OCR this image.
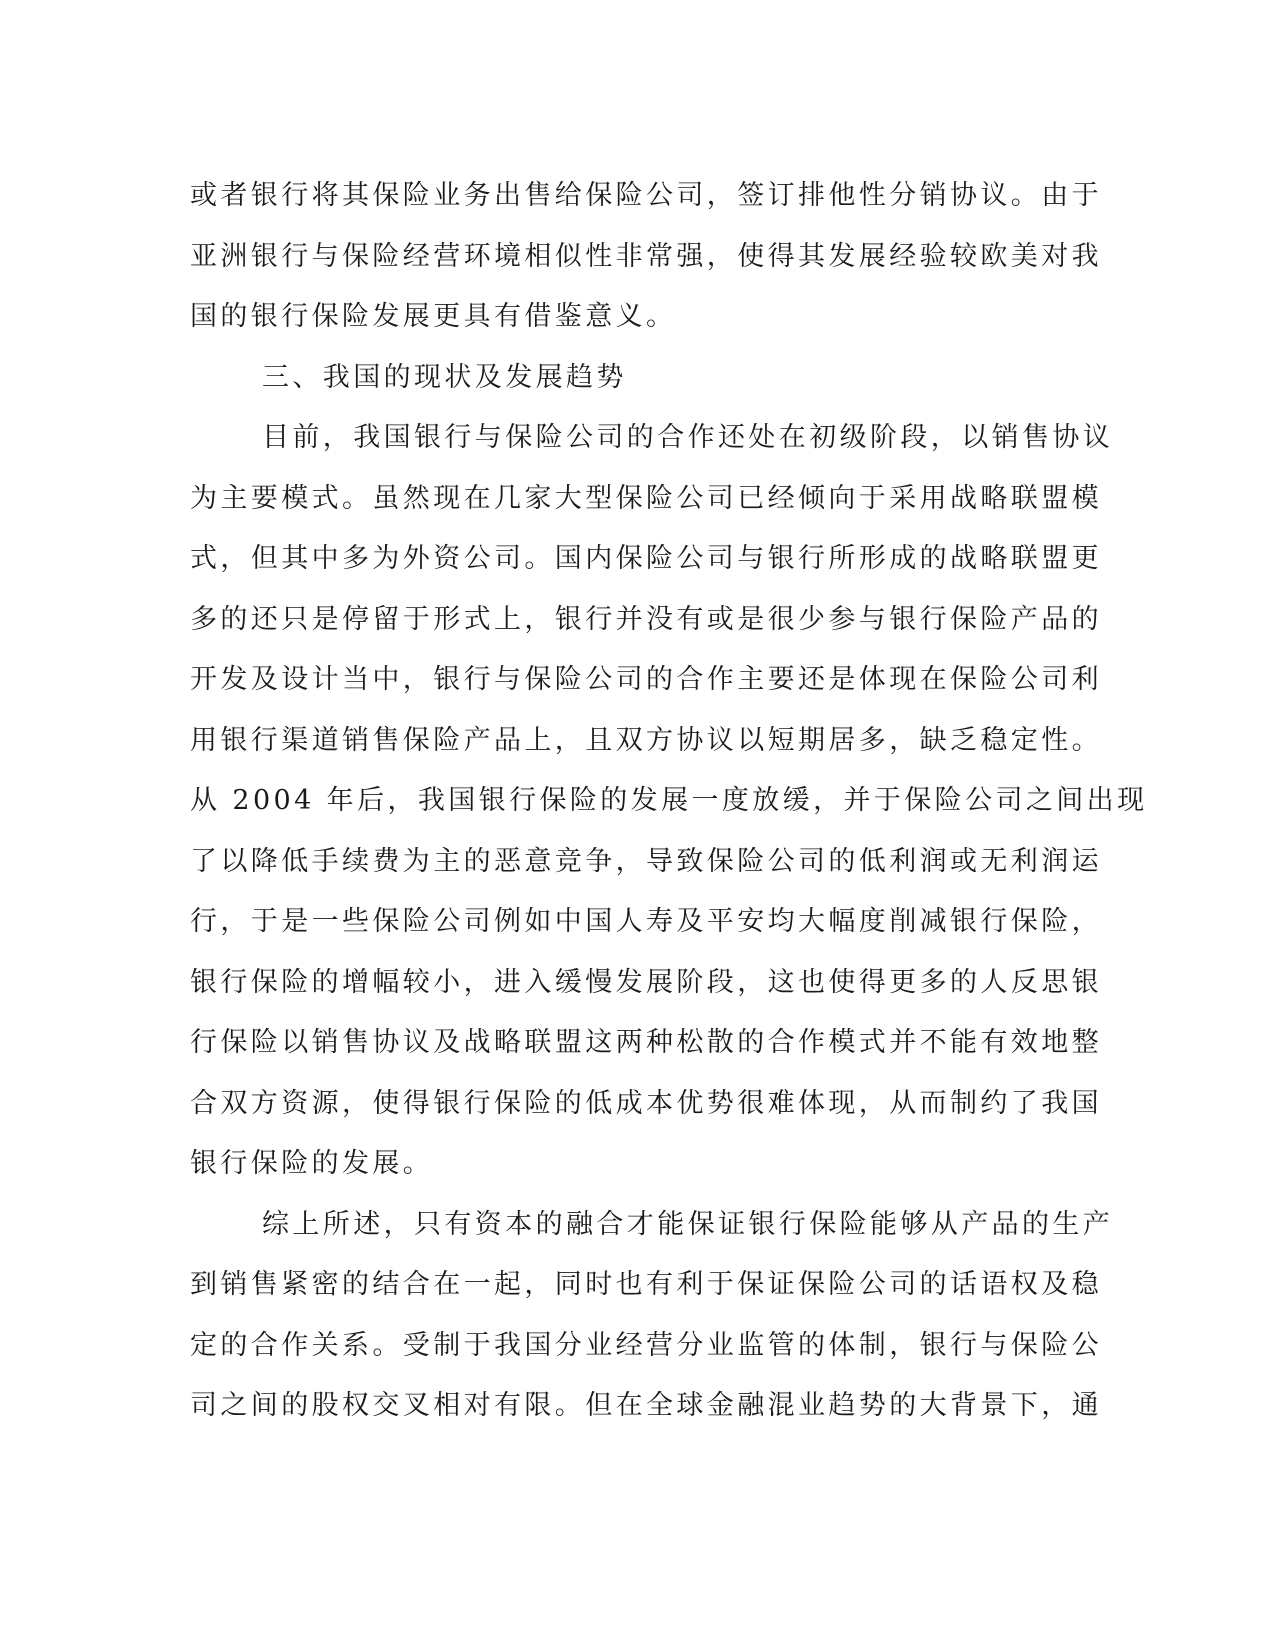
或者银行将其保险业务出售给保险公司，签订排他性分销协议。由于
亚洲银行与保险经营环境相似性非常强，使得其发展经验较欧美对我
国的银行保险发展更具有借鉴意义。
三、我国的现状及发展趋势
目前，我国银行与保险公司的合作还处在初级阶段，以销售协议
为主要模式。虽然现在几家大型保险公司已经倾向于采用战略联盟模
式，但其中多为外资公司。国内保险公司与银行所形成的战略联盟更
多的还只是停留于形式上，银行并没有或是很少参与银行保险产品的
开发及设计当中，银行与保险公司的合作主要还是体现在保险公司利
用银行渠道销售保险产品上，且双方协议以短期居多，缺乏稳定性。
从 2004 年后，我国银行保险的发展一度放缓，并于保险公司之间出现
了以降低手续费为主的恶意竞争，导致保险公司的低利润或无利润运
行，于是一些保险公司例如中国人寿及平安均大幅度削减银行保险，
银行保险的增幅较小，进入缓慢发展阶段，这也使得更多的人反思银
行保险以销售协议及战略联盟这两种松散的合作模式并不能有效地整
合双方资源，使得银行保险的低成本优势很难体现，从而制约了我国
银行保险的发展。
综上所述，只有资本的融合才能保证银行保险能够从产品的生产
到销售紧密的结合在一起，同时也有利于保证保险公司的话语权及稳
定的合作关系。受制于我国分业经营分业监管的体制，银行与保险公
司之间的股权交叉相对有限。但在全球金融混业趋势的大背景下，通
